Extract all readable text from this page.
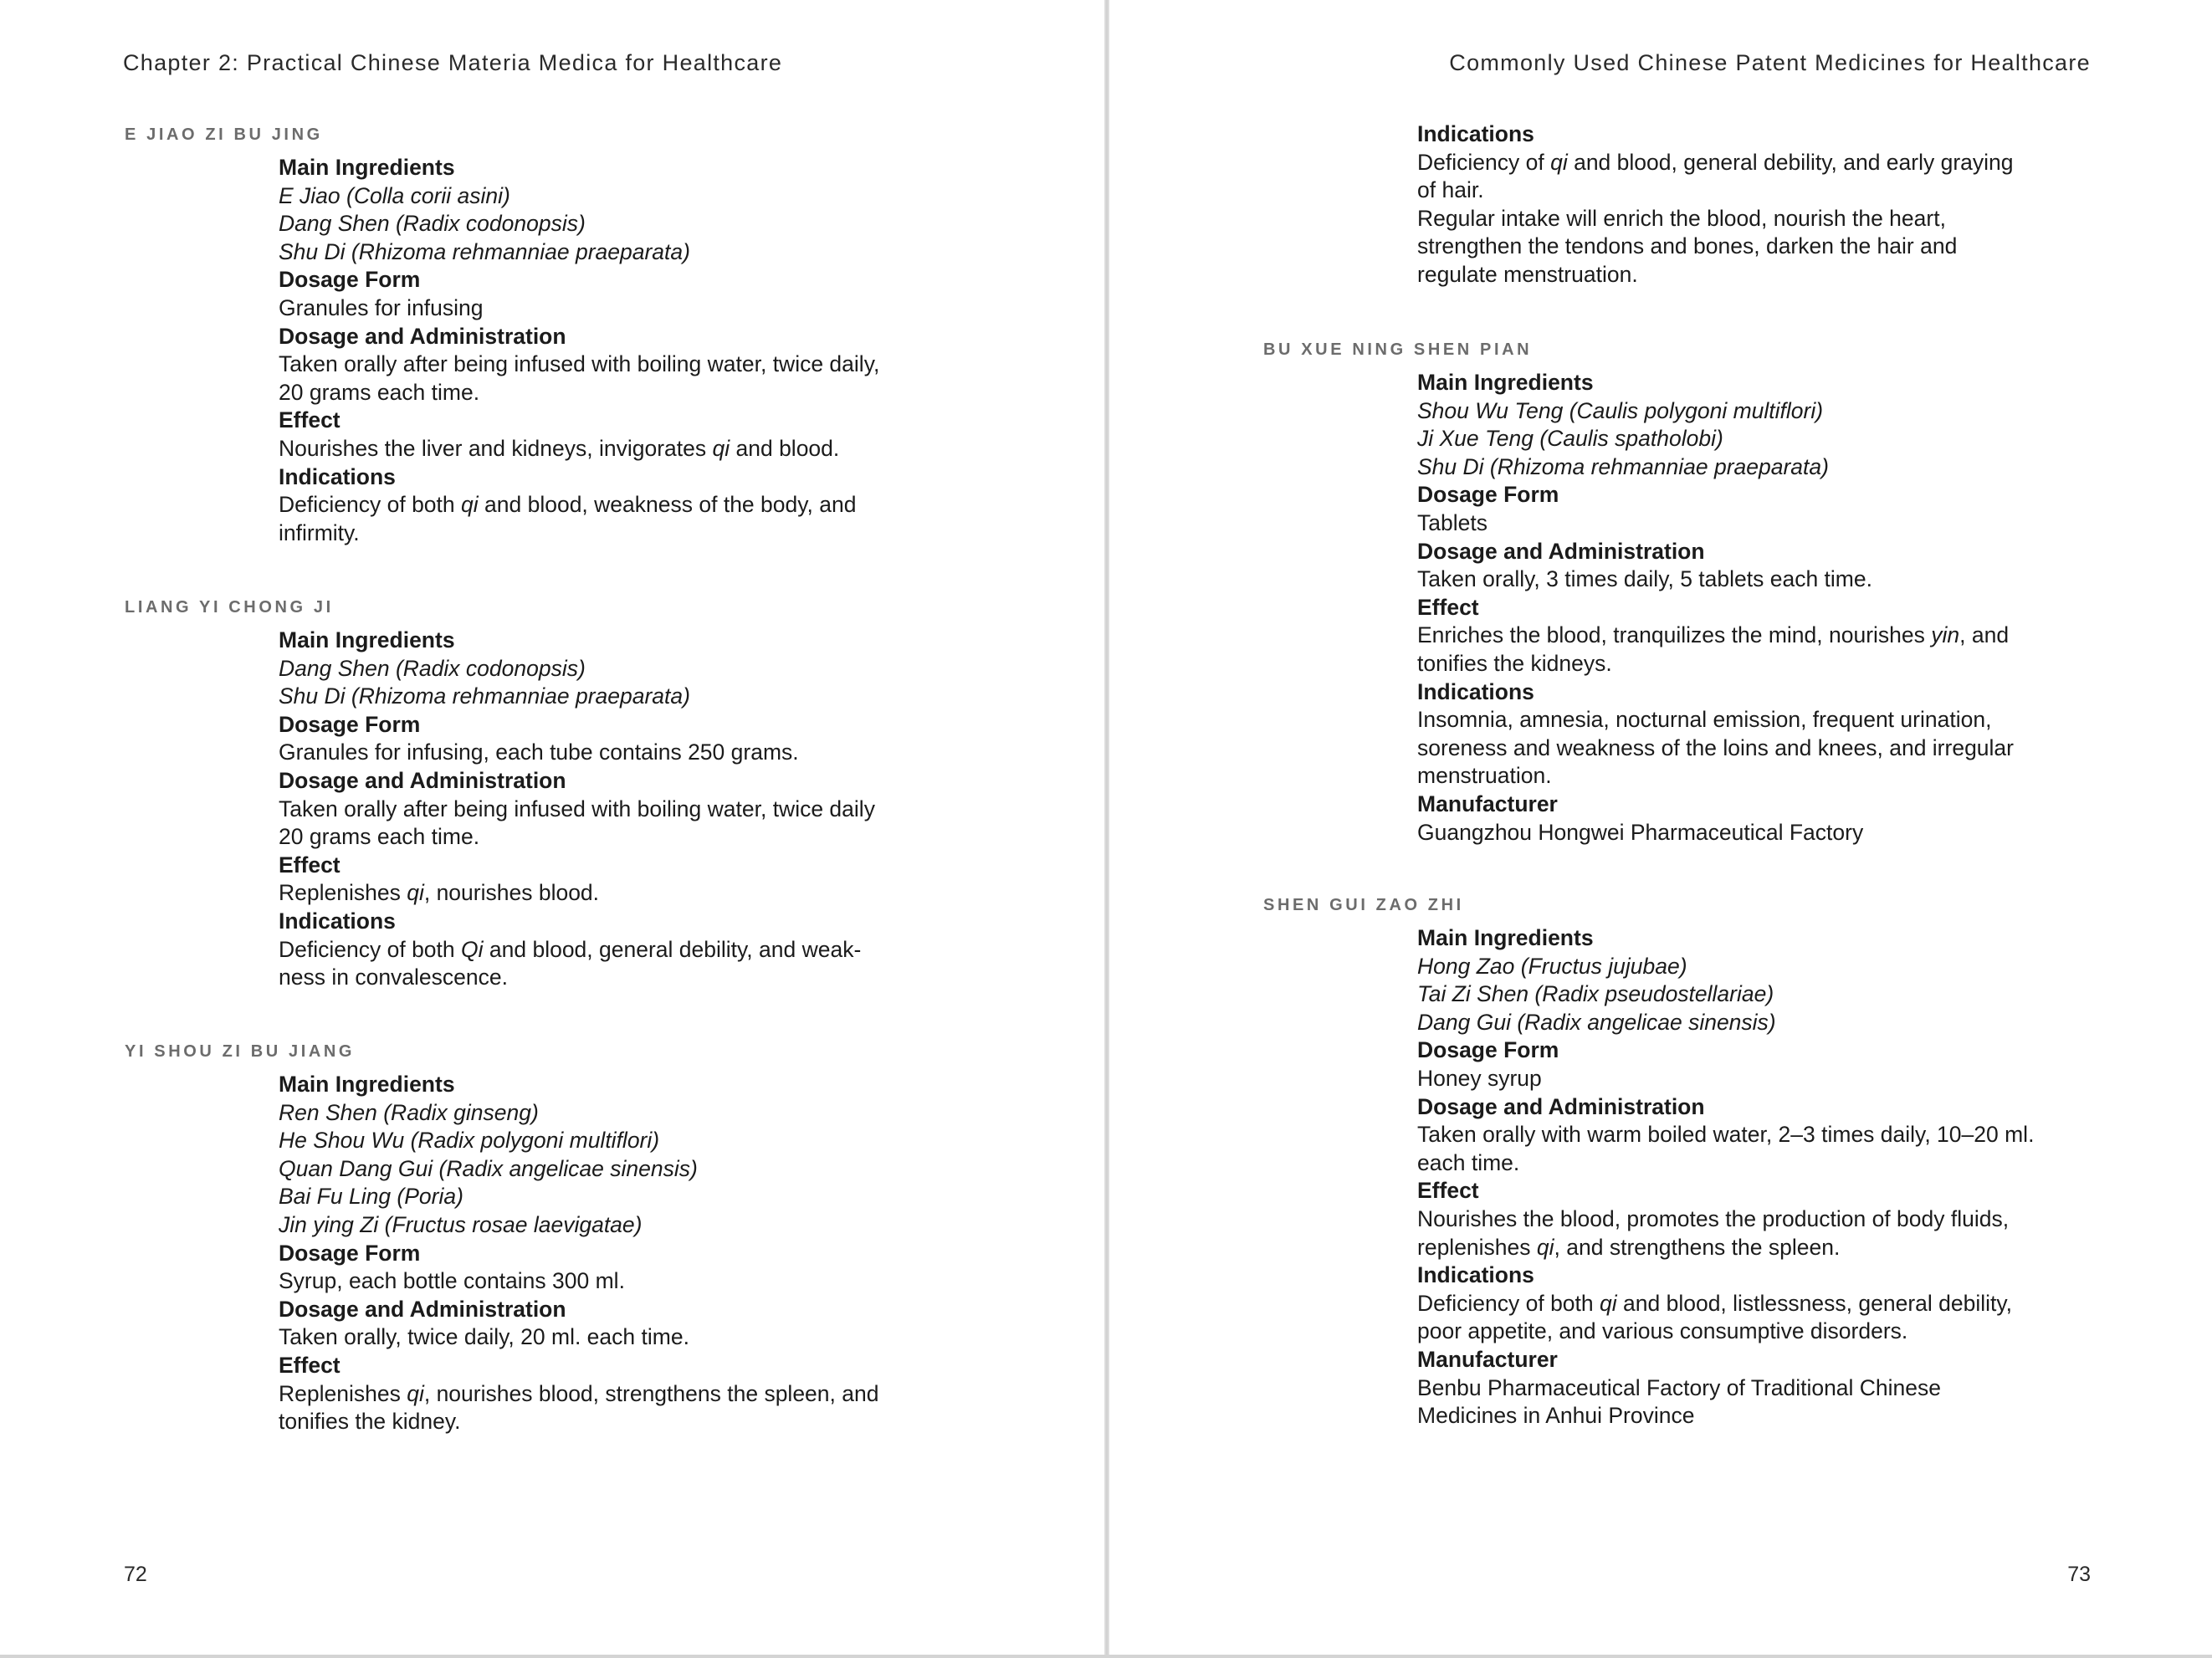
Chapter 2: Practical Chinese Materia Medica for Healthcare
E JIAO ZI BU JING
Main Ingredients
E Jiao (Colla corii asini)
Dang Shen (Radix codonopsis)
Shu Di (Rhizoma rehmanniae praeparata)
Dosage Form
Granules for infusing
Dosage and Administration
Taken orally after being infused with boiling water, twice daily,
20 grams each time.
Effect
Nourishes the liver and kidneys, invigorates qi and blood.
Indications
Deficiency of both qi and blood, weakness of the body, and
infirmity.
LIANG YI CHONG JI
Main Ingredients
Dang Shen (Radix codonopsis)
Shu Di (Rhizoma rehmanniae praeparata)
Dosage Form
Granules for infusing, each tube contains 250 grams.
Dosage and Administration
Taken orally after being infused with boiling water, twice daily
20 grams each time.
Effect
Replenishes qi, nourishes blood.
Indications
Deficiency of both Qi and blood, general debility, and weak-
ness in convalescence.
YI SHOU ZI BU JIANG
Main Ingredients
Ren Shen (Radix ginseng)
He Shou Wu (Radix polygoni multiflori)
Quan Dang Gui (Radix angelicae sinensis)
Bai Fu Ling (Poria)
Jin ying Zi (Fructus rosae laevigatae)
Dosage Form
Syrup, each bottle contains 300 ml.
Dosage and Administration
Taken orally, twice daily, 20 ml. each time.
Effect
Replenishes qi, nourishes blood, strengthens the spleen, and
tonifies the kidney.
72
Commonly Used Chinese Patent Medicines for Healthcare
Indications
Deficiency of qi and blood, general debility, and early graying
of hair.
Regular intake will enrich the blood, nourish the heart,
strengthen the tendons and bones, darken the hair and
regulate menstruation.
BU XUE NING SHEN PIAN
Main Ingredients
Shou Wu Teng (Caulis polygoni multiflori)
Ji Xue Teng (Caulis spatholobi)
Shu Di (Rhizoma rehmanniae praeparata)
Dosage Form
Tablets
Dosage and Administration
Taken orally, 3 times daily, 5 tablets each time.
Effect
Enriches the blood, tranquilizes the mind, nourishes yin, and
tonifies the kidneys.
Indications
Insomnia, amnesia, nocturnal emission, frequent urination,
soreness and weakness of the loins and knees, and irregular
menstruation.
Manufacturer
Guangzhou Hongwei Pharmaceutical Factory
SHEN GUI ZAO ZHI
Main Ingredients
Hong Zao (Fructus jujubae)
Tai Zi Shen (Radix pseudostellariae)
Dang Gui (Radix angelicae sinensis)
Dosage Form
Honey syrup
Dosage and Administration
Taken orally with warm boiled water, 2–3 times daily, 10–20 ml.
each time.
Effect
Nourishes the blood, promotes the production of body fluids,
replenishes qi, and strengthens the spleen.
Indications
Deficiency of both qi and blood, listlessness, general debility,
poor appetite, and various consumptive disorders.
Manufacturer
Benbu Pharmaceutical Factory of Traditional Chinese
Medicines in Anhui Province
73
